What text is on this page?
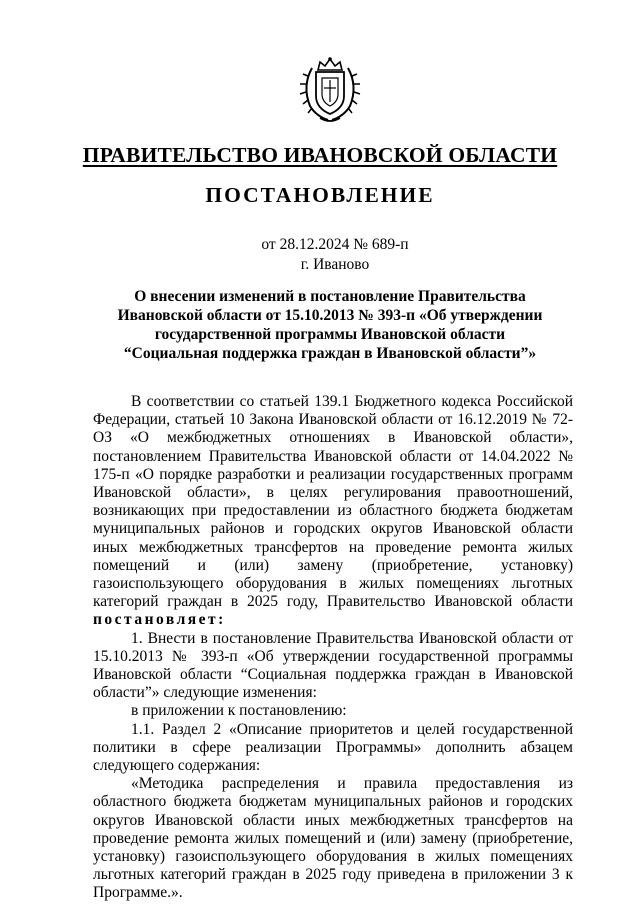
ПРАВИТЕЛЬСТВО ИВАНОВСКОЙ ОБЛАСТИ
ПОСТАНОВЛЕНИЕ
от 28.12.2024 № 689-п
г. Иваново
О внесении изменений в постановление Правительства Ивановской области от 15.10.2013 № 393-п «Об утверждении государственной программы Ивановской области “Социальная поддержка граждан в Ивановской области”»

В соответствии со статьей 139.1 Бюджетного кодекса Российской Федерации, статьей 10 Закона Ивановской области от 16.12.2019 № 72-ОЗ «О межбюджетных отношениях в Ивановской области», постановлением Правительства Ивановской области от 14.04.2022 № 175-п «О порядке разработки и реализации государственных программ Ивановской области», в целях регулирования правоотношений, возникающих при предоставлении из областного бюджета бюджетам муниципальных районов и городских округов Ивановской области иных межбюджетных трансфертов на проведение ремонта жилых помещений и (или) замену (приобретение, установку) газоиспользующего оборудования в жилых помещениях льготных категорий граждан в 2025 году, Правительство Ивановской области постановляет:

1. Внести в постановление Правительства Ивановской области от 15.10.2013 № 393-п «Об утверждении государственной программы Ивановской области “Социальная поддержка граждан в Ивановской области”» следующие изменения:

в приложении к постановлению:

1.1. Раздел 2 «Описание приоритетов и целей государственной политики в сфере реализации Программы» дополнить абзацем следующего содержания:

«Методика распределения и правила предоставления из областного бюджета бюджетам муниципальных районов и городских округов Ивановской области иных межбюджетных трансфертов на проведение ремонта жилых помещений и (или) замену (приобретение, установку) газоиспользующего оборудования в жилых помещениях льготных категорий граждан в 2025 году приведена в приложении 3 к Программе.».
